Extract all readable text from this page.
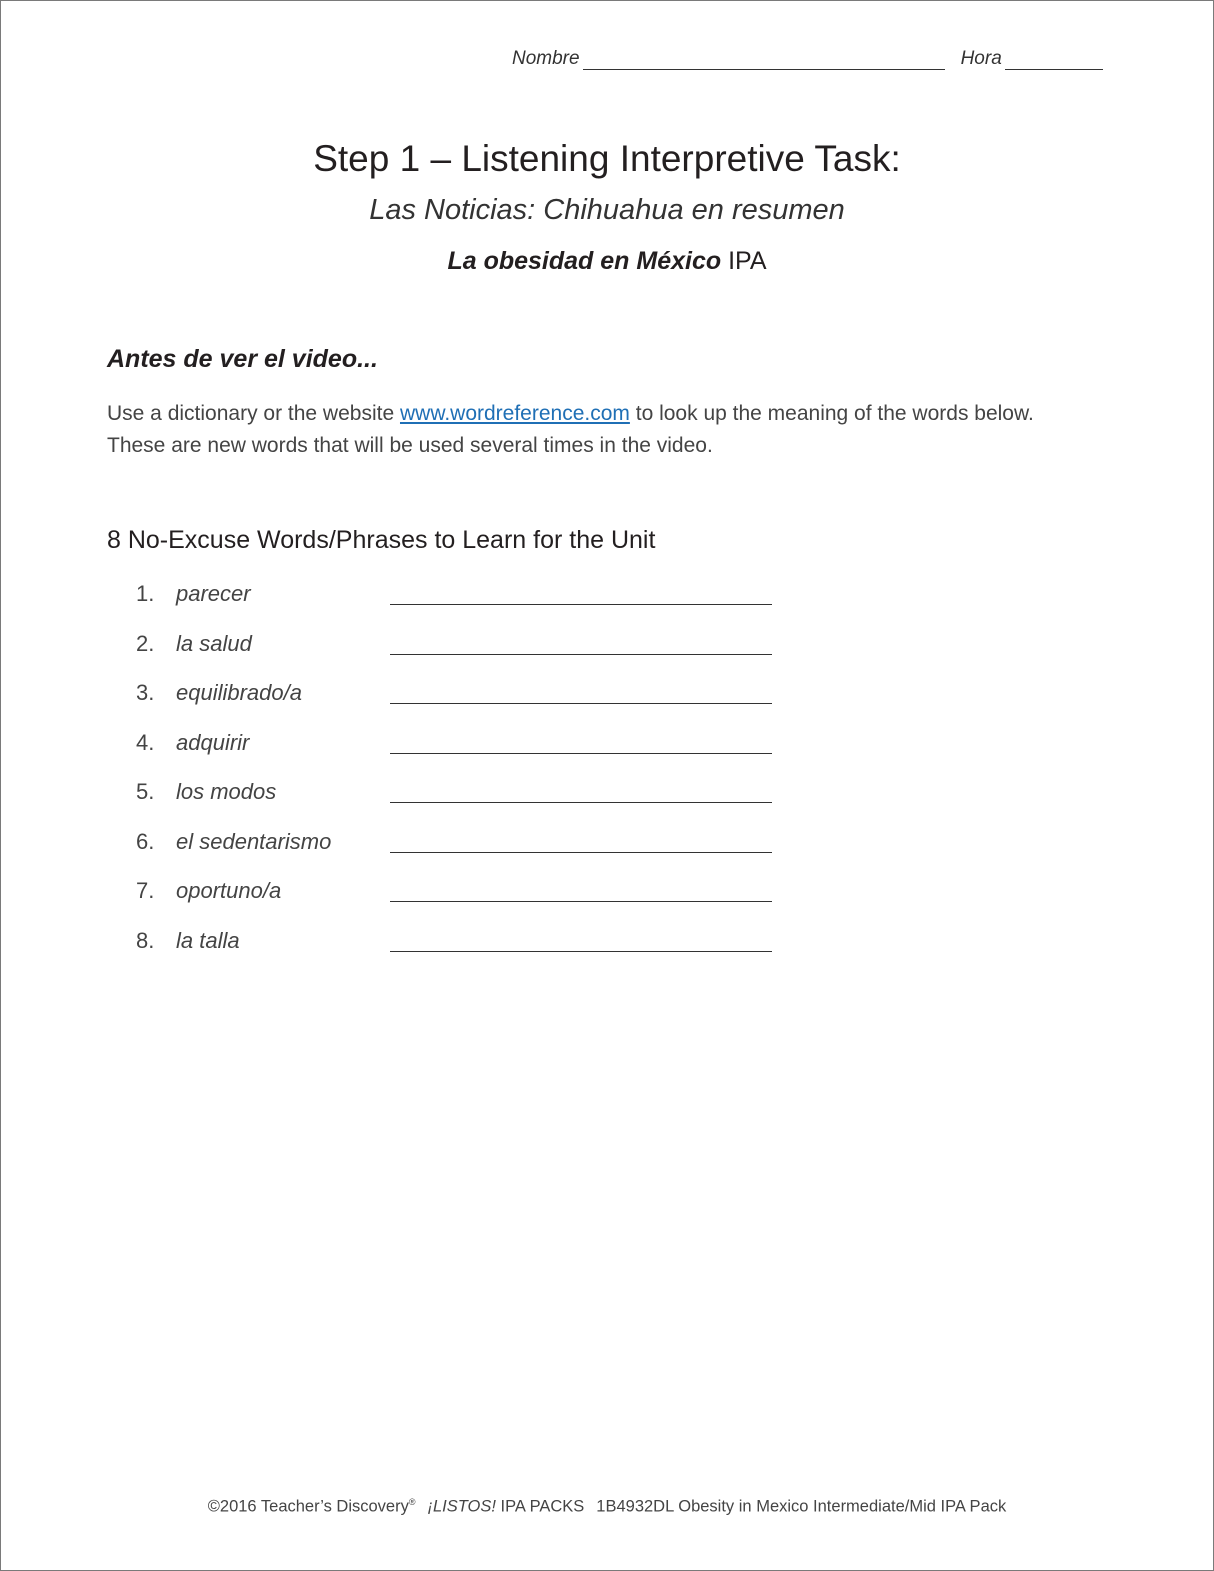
Nombre	Hora
Step 1 – Listening Interpretive Task:
Las Noticias: Chihuahua en resumen
La obesidad en México IPA
Antes de ver el video...
Use a dictionary or the website www.wordreference.com to look up the meaning of the words below. These are new words that will be used several times in the video.
8 No-Excuse Words/Phrases to Learn for the Unit
1. parecer
2. la salud
3. equilibrado/a
4. adquirir
5. los modos
6. el sedentarismo
7. oportuno/a
8. la talla
©2016 Teacher’s Discovery® ¡LISTOS! IPA PACKS 1B4932DL Obesity in Mexico Intermediate/Mid IPA Pack
